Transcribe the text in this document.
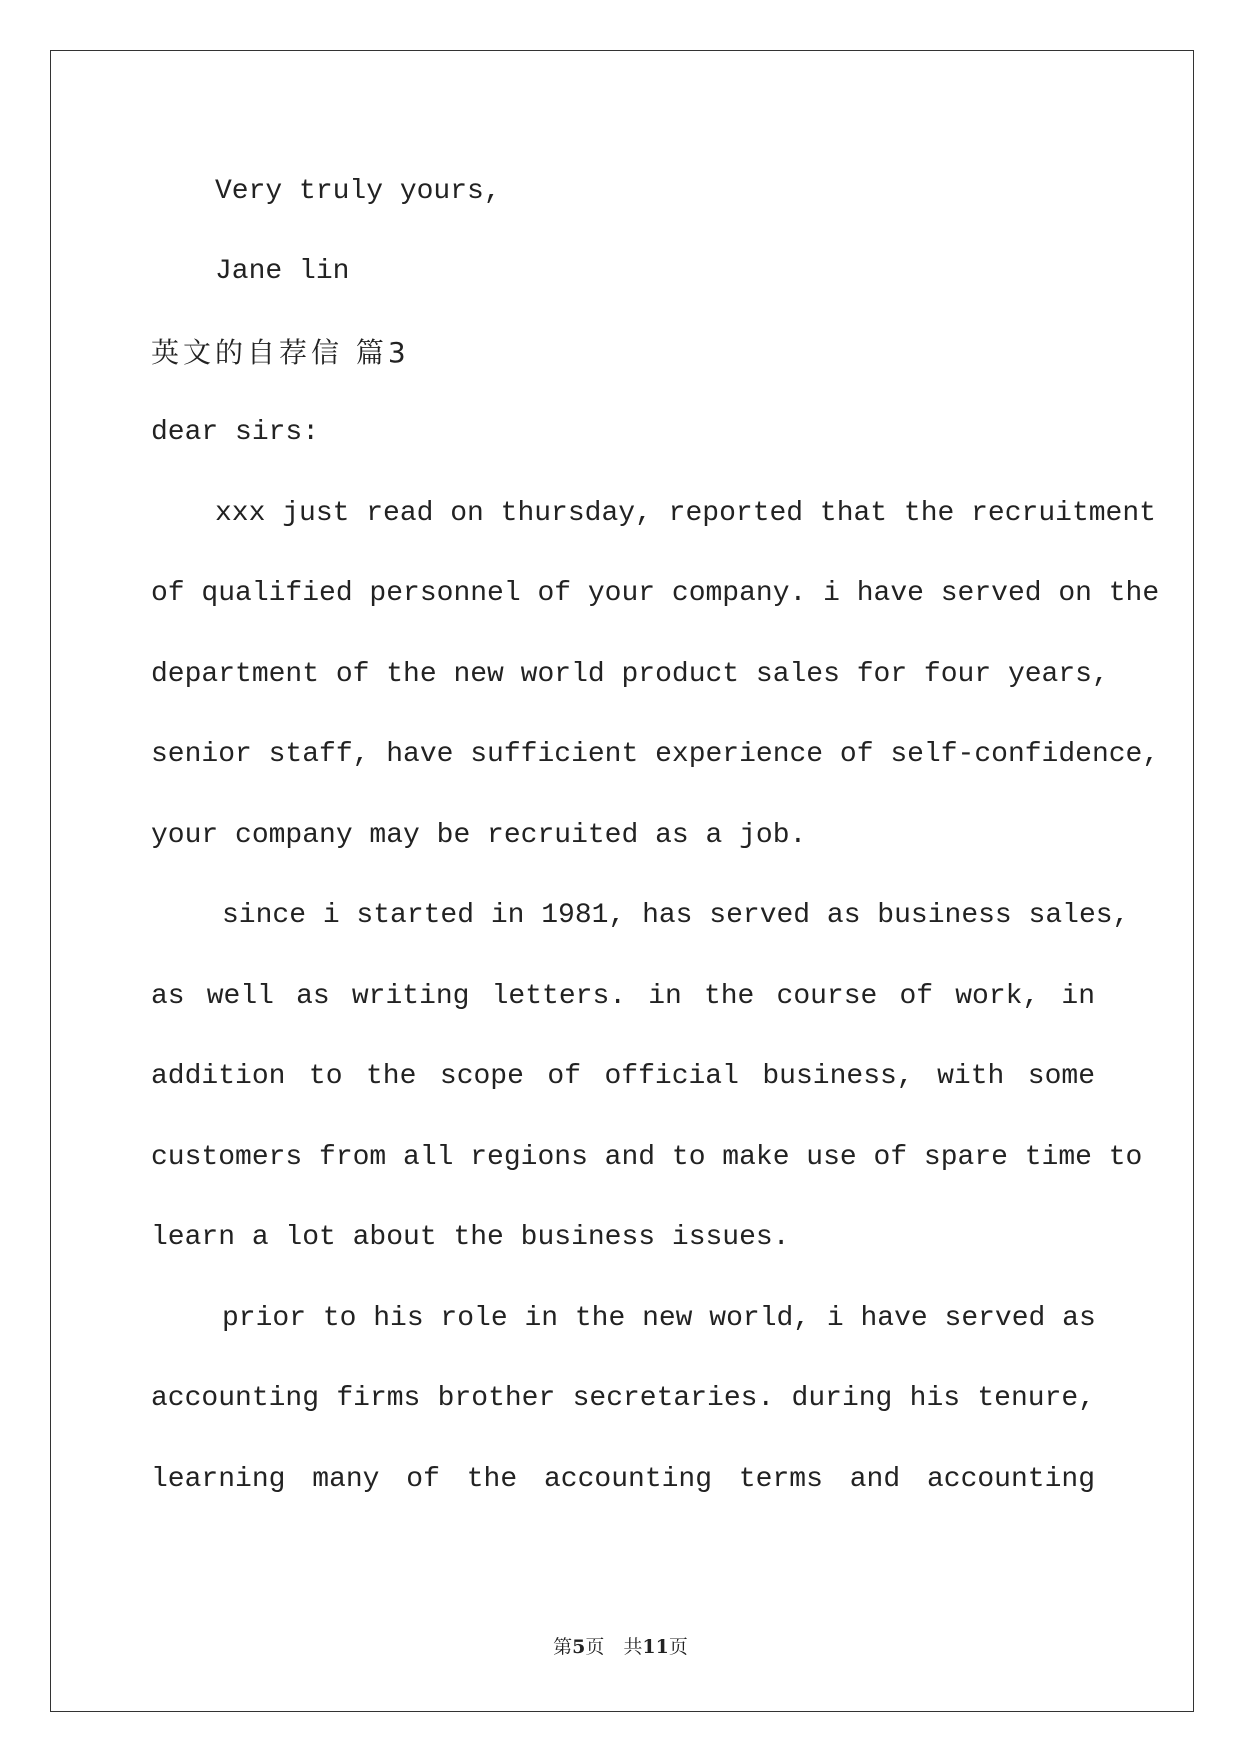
Very truly yours,
Jane lin
英文的自荐信 篇3
dear sirs:
xxx just read on thursday, reported that the recruitment
of qualified personnel of your company. i have served on the
department of the new world product sales for four years,
senior staff, have sufficient experience of self-confidence,
your company may be recruited as a job.
since i started in 1981, has served as business sales,
as well as writing letters. in the course of work, in
addition to the scope of official business, with some
customers from all regions and to make use of spare time to
learn a lot about the business issues.
prior to his role in the new world, i have served as
accounting firms brother secretaries. during his tenure,
learning many of the accounting terms and accounting
第5页　共11页
